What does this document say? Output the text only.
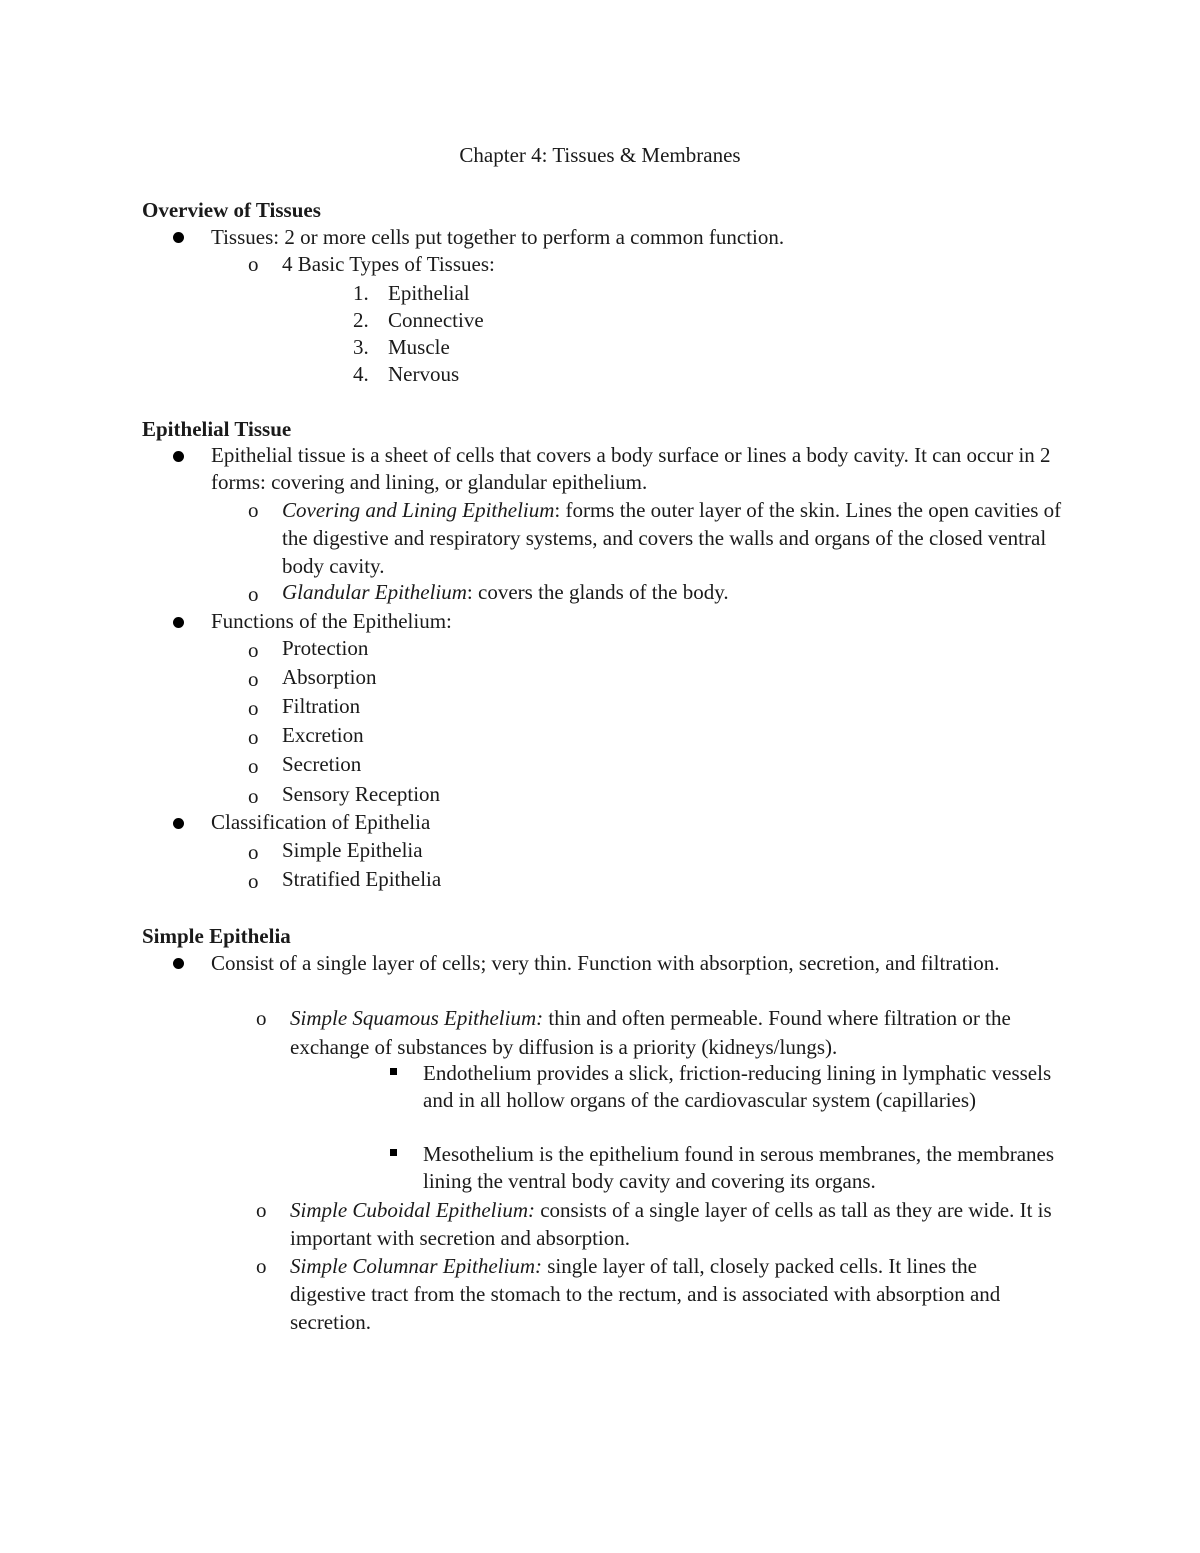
Chapter 4: Tissues & Membranes
Overview of Tissues
Tissues: 2 or more cells put together to perform a common function.
o 4 Basic Types of Tissues:
1. Epithelial
2. Connective
3. Muscle
4. Nervous
Epithelial Tissue
Epithelial tissue is a sheet of cells that covers a body surface or lines a body cavity. It can occur in 2 forms: covering and lining, or glandular epithelium.
o Covering and Lining Epithelium: forms the outer layer of the skin. Lines the open cavities of the digestive and respiratory systems, and covers the walls and organs of the closed ventral body cavity.
o Glandular Epithelium: covers the glands of the body.
Functions of the Epithelium:
o Protection
o Absorption
o Filtration
o Excretion
o Secretion
o Sensory Reception
Classification of Epithelia
o Simple Epithelia
o Stratified Epithelia
Simple Epithelia
Consist of a single layer of cells; very thin. Function with absorption, secretion, and filtration.
o Simple Squamous Epithelium: thin and often permeable. Found where filtration or the exchange of substances by diffusion is a priority (kidneys/lungs).
Endothelium provides a slick, friction-reducing lining in lymphatic vessels and in all hollow organs of the cardiovascular system (capillaries)
Mesothelium is the epithelium found in serous membranes, the membranes lining the ventral body cavity and covering its organs.
o Simple Cuboidal Epithelium: consists of a single layer of cells as tall as they are wide. It is important with secretion and absorption.
o Simple Columnar Epithelium: single layer of tall, closely packed cells. It lines the digestive tract from the stomach to the rectum, and is associated with absorption and secretion.
